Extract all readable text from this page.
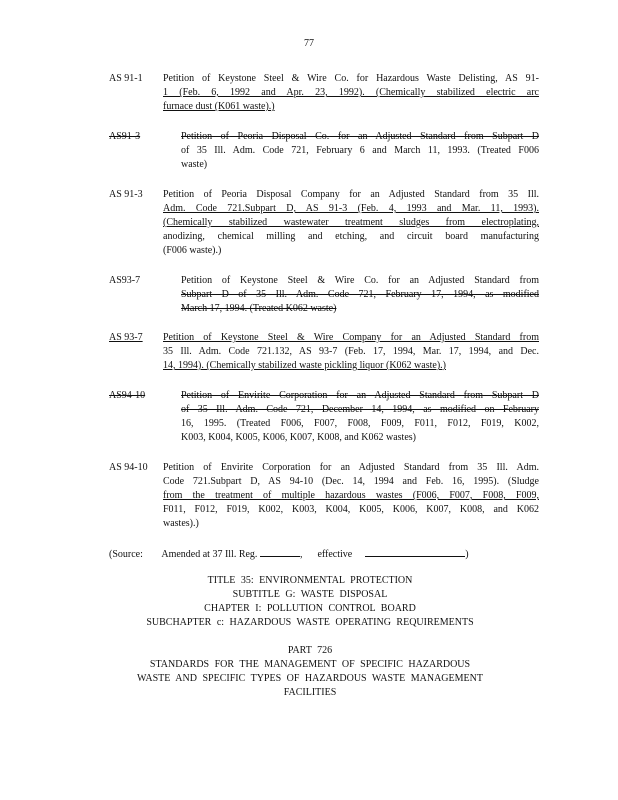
77
AS 91-1 Petition of Keystone Steel & Wire Co. for Hazardous Waste Delisting, AS 91-
1 (Feb. 6, 1992 and Apr. 23, 1992). (Chemically stabilized electric arc
furnace dust (K061 waste).)
AS91-3	Petition of Peoria Disposal Co. for an Adjusted Standard from Subpart D
of 35 Ill. Adm. Code 721, February 6 and March 11, 1993. (Treated F006
waste)
AS 91-3 Petition of Peoria Disposal Company for an Adjusted Standard from 35 Ill.
Adm. Code 721.Subpart D, AS 91-3 (Feb. 4, 1993 and Mar. 11, 1993).
(Chemically stabilized wastewater treatment sludges from electroplating,
anodizing, chemical milling and etching, and circuit board manufacturing
(F006 waste).)
AS93-7	Petition of Keystone Steel & Wire Co. for an Adjusted Standard from
Subpart D of 35 Ill. Adm. Code 721, February 17, 1994, as modified
March 17, 1994. (Treated K062 waste)
AS 93-7 Petition of Keystone Steel & Wire Company for an Adjusted Standard from
35 Ill. Adm. Code 721.132, AS 93-7 (Feb. 17, 1994, Mar. 17, 1994, and Dec.
14, 1994). (Chemically stabilized waste pickling liquor (K062 waste).)
AS94-10	Petition of Envirite Corporation for an Adjusted Standard from Subpart D
of 35 Ill. Adm. Code 721, December 14, 1994, as modified on February
16, 1995. (Treated F006, F007, F008, F009, F011, F012, F019, K002,
K003, K004, K005, K006, K007, K008, and K062 wastes)
AS 94-10 Petition of Envirite Corporation for an Adjusted Standard from 35 Ill. Adm.
Code 721.Subpart D, AS 94-10 (Dec. 14, 1994 and Feb. 16, 1995). (Sludge
from the treatment of multiple hazardous wastes (F006, F007, F008, F009,
F011, F012, F019, K002, K003, K004, K005, K006, K007, K008, and K062
wastes).)
(Source: Amended at 37 Ill. Reg.	, effective	)
TITLE 35: ENVIRONMENTAL PROTECTION
SUBTITLE G: WASTE DISPOSAL
CHAPTER I: POLLUTION CONTROL BOARD
SUBCHAPTER c: HAZARDOUS WASTE OPERATING REQUIREMENTS
PART 726
STANDARDS FOR THE MANAGEMENT OF SPECIFIC HAZARDOUS
WASTE AND SPECIFIC TYPES OF HAZARDOUS WASTE MANAGEMENT
FACILITIES
